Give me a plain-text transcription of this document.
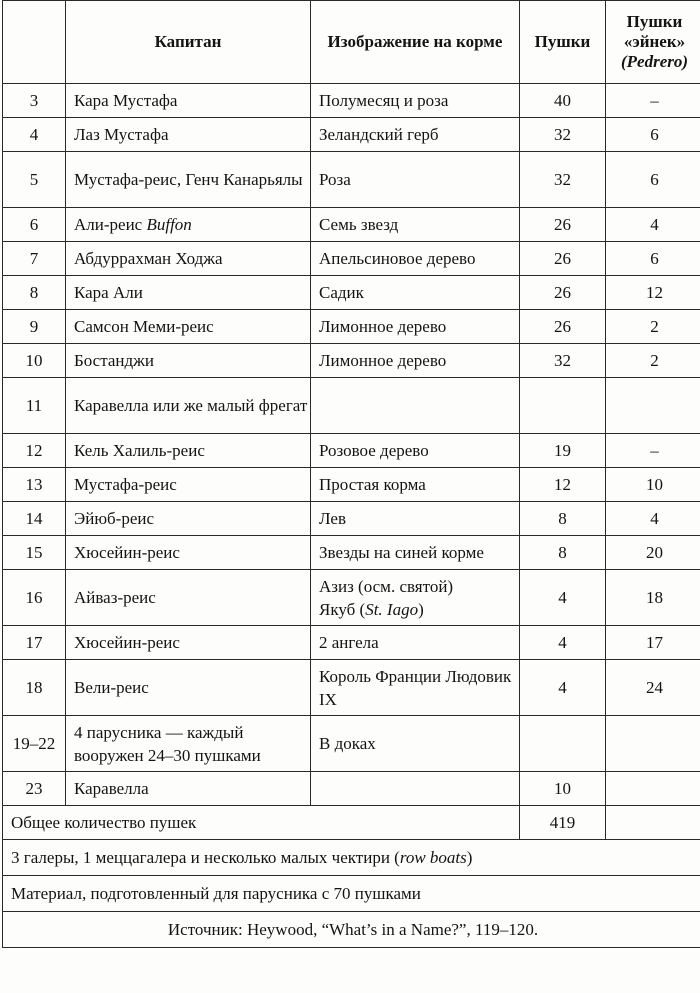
	Капитан	Изображение на корме	Пушки	Пушки
«эйнек»
(Pedrero)
3	Кара Мустафа	Полумесяц и роза	40	–
4	Лаз Мустафа	Зеландский герб	32	6
5	Мустафа-реис, Генч Канарьялы	Роза	32	6
6	Али-реис Buffon	Семь звезд	26	4
7	Абдуррахман Ходжа	Апельсиновое дерево	26	6
8	Кара Али	Садик	26	12
9	Самсон Меми-реис	Лимонное дерево	26	2
10	Бостанджи	Лимонное дерево	32	2
11	Каравелла или же малый фрегат			
12	Кель Халиль-реис	Розовое дерево	19	–
13	Мустафа-реис	Простая корма	12	10
14	Эйюб-реис	Лев	8	4
15	Хюсейин-реис	Звезды на синей корме	8	20
16	Айваз-реис	Азиз (осм. святой)
Якуб (St. Iago)	4	18
17	Хюсейин-реис	2 ангела	4	17
18	Вели-реис	Король Франции Людовик IX	4	24
19–22	4 парусника — каждый вооружен 24–30 пушками	В доках		
23	Каравелла		10	
Общее количество пушек			419	
3 галеры, 1 меццагалера и несколько малых чектири (row boats)				
Материал, подготовленный для парусника с 70 пушками				
Источник: Heywood, “What’s in a Name?”, 119–120.				
